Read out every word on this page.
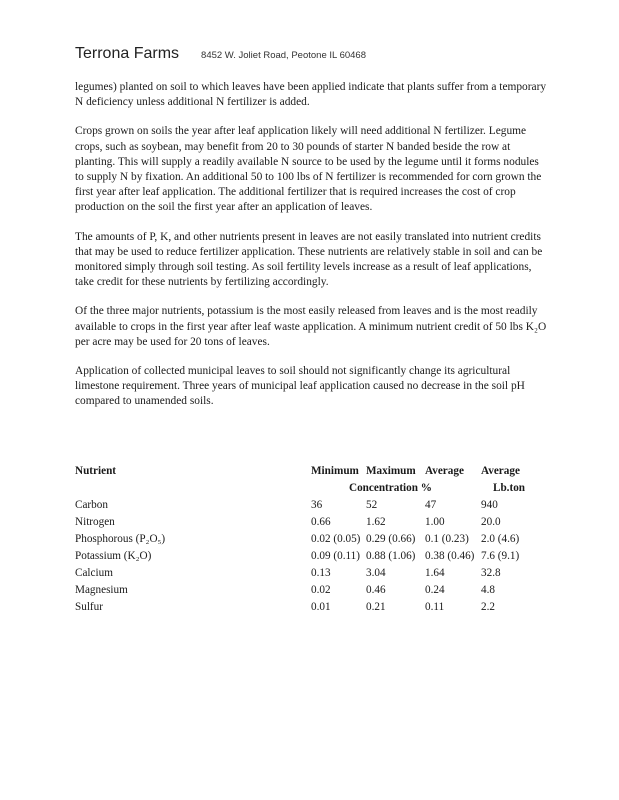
Terrona Farms 8452 W. Joliet Road, Peotone IL 60468

legumes) planted on soil to which leaves have been applied indicate that plants suffer from a temporary N deficiency unless additional N fertilizer is added.

Crops grown on soils the year after leaf application likely will need additional N fertilizer. Legume crops, such as soybean, may benefit from 20 to 30 pounds of starter N banded beside the row at planting. This will supply a readily available N source to be used by the legume until it forms nodules to supply N by fixation. An additional 50 to 100 lbs of N fertilizer is recommended for corn grown the first year after leaf application. The additional fertilizer that is required increases the cost of crop production on the soil the first year after an application of leaves.

The amounts of P, K, and other nutrients present in leaves are not easily translated into nutrient credits that may be used to reduce fertilizer application. These nutrients are relatively stable in soil and can be monitored simply through soil testing. As soil fertility levels increase as a result of leaf applications, take credit for these nutrients by fertilizing accordingly.

Of the three major nutrients, potassium is the most easily released from leaves and is the most readily available to crops in the first year after leaf waste application. A minimum nutrient credit of 50 lbs K₂O per acre may be used for 20 tons of leaves.

Application of collected municipal leaves to soil should not significantly change its agricultural limestone requirement. Three years of municipal leaf application caused no decrease in the soil pH compared to unamended soils.

Nutrient	Minimum	Maximum	Average	Average
	Concentration %			Lb.ton
Carbon	36	52	47	940
Nitrogen	0.66	1.62	1.00	20.0
Phosphorous (P₂O₅)	0.02 (0.05)	0.29 (0.66)	0.1 (0.23)	2.0 (4.6)
Potassium (K₂O)	0.09 (0.11)	0.88 (1.06)	0.38 (0.46)	7.6 (9.1)
Calcium	0.13	3.04	1.64	32.8
Magnesium	0.02	0.46	0.24	4.8
Sulfur	0.01	0.21	0.11	2.2
